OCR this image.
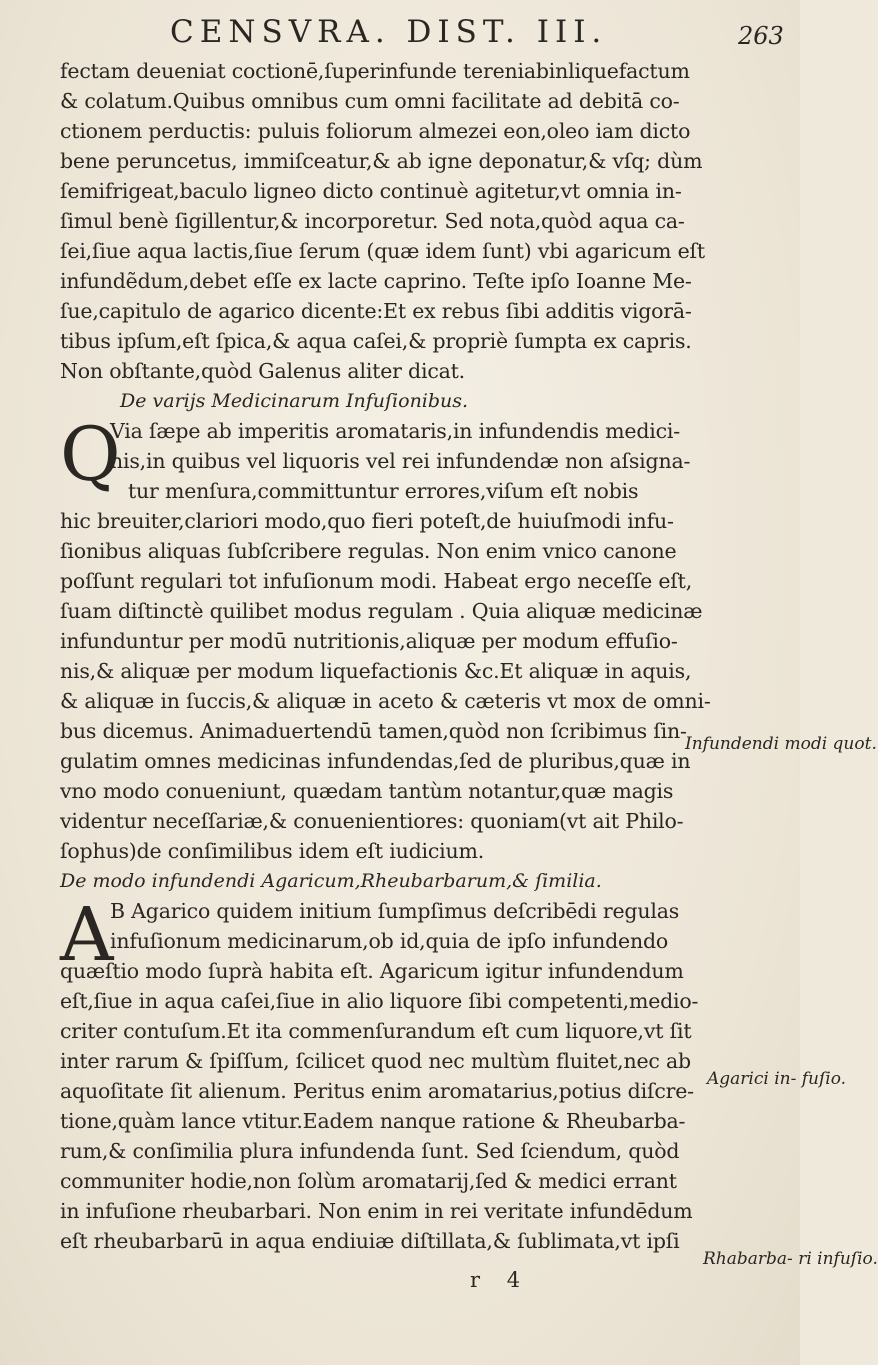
CENSVRA. DIST. III.	263
fectam deueniat coctionē,ſuperinfunde tereniabinliquefactum
& colatum.Quibus omnibus cum omni facilitate ad debitā co-
ctionem perductis: puluis foliorum almezei eon,oleo iam dicto
bene peruncetus, immiſceatur,& ab igne deponatur,& vſq; dùm
ſemifrigeat,baculo ligneo dicto continuè agitetur,vt omnia in-
ſimul benè ſigillentur,& incorporetur. Sed nota,quòd aqua ca-
ſei,ſiue aqua lactis,ſiue ſerum (quæ idem ſunt) vbi agaricum eſt
infundẽdum,debet eſſe ex lacte caprino. Teſte ipſo Ioanne Me-
ſue,capitulo de agarico dicente:Et ex rebus ſibi additis vigorā-
tibus ipſum,eſt ſpica,& aqua caſei,& propriè ſumpta ex capris.
Non obſtante,quòd Galenus aliter dicat.
De varijs Medicinarum Infuſionibus.
Q
Via ſæpe ab imperitis aromataris,in infundendis medici-
nis,in quibus vel liquoris vel rei infundendæ non aſsigna-
tur menſura,committuntur errores,viſum eſt nobis
hic breuiter,clariori modo,quo fieri poteſt,de huiuſmodi infu-
ſionibus aliquas ſubſcribere regulas. Non enim vnico canone
poſſunt regulari tot infuſionum modi. Habeat ergo neceſſe eſt,
ſuam diſtinctè quilibet modus regulam . Quia aliquæ medicinæ
infunduntur per modū nutritionis,aliquæ per modum effuſio-
nis,& aliquæ per modum liquefactionis &c.Et aliquæ in aquis,
& aliquæ in ſuccis,& aliquæ in aceto & cæteris vt mox de omni-
bus dicemus. Animaduertendū tamen,quòd non ſcribimus ſin-
gulatim omnes medicinas infundendas,ſed de pluribus,quæ in
vno modo conueniunt, quædam tantùm notantur,quæ magis
videntur neceſſariæ,& conuenientiores: quoniam(vt ait Philo-
ſophus)de conſimilibus idem eſt iudicium.
De modo infundendi Agaricum,Rheubarbarum,& ſimilia.
A
B Agarico quidem initium ſumpſimus deſcribēdi regulas
infuſionum medicinarum,ob id,quia de ipſo infundendo
quæſtio modo ſuprà habita eſt. Agaricum igitur infundendum
eſt,ſiue in aqua caſei,ſiue in alio liquore ſibi competenti,medio-
criter contuſum.Et ita commenſurandum eſt cum liquore,vt ſit
inter rarum & ſpiſſum, ſcilicet quod nec multùm fluitet,nec ab
aquoſitate ſit alienum. Peritus enim aromatarius,potius diſcre-
tione,quàm lance vtitur.Eadem nanque ratione & Rheubarba-
rum,& conſimilia plura infundenda ſunt. Sed ſciendum, quòd
communiter hodie,non ſolùm aromatarij,ſed & medici errant
in infuſione rheubarbari. Non enim in rei veritate infundēdum
eſt rheubarbarū in aqua endiuiæ diſtillata,& ſublimata,vt ipſi
Infundendi modi quot.
Agarici in- fuſio.
Rhabarba- ri infuſio.
r 4
